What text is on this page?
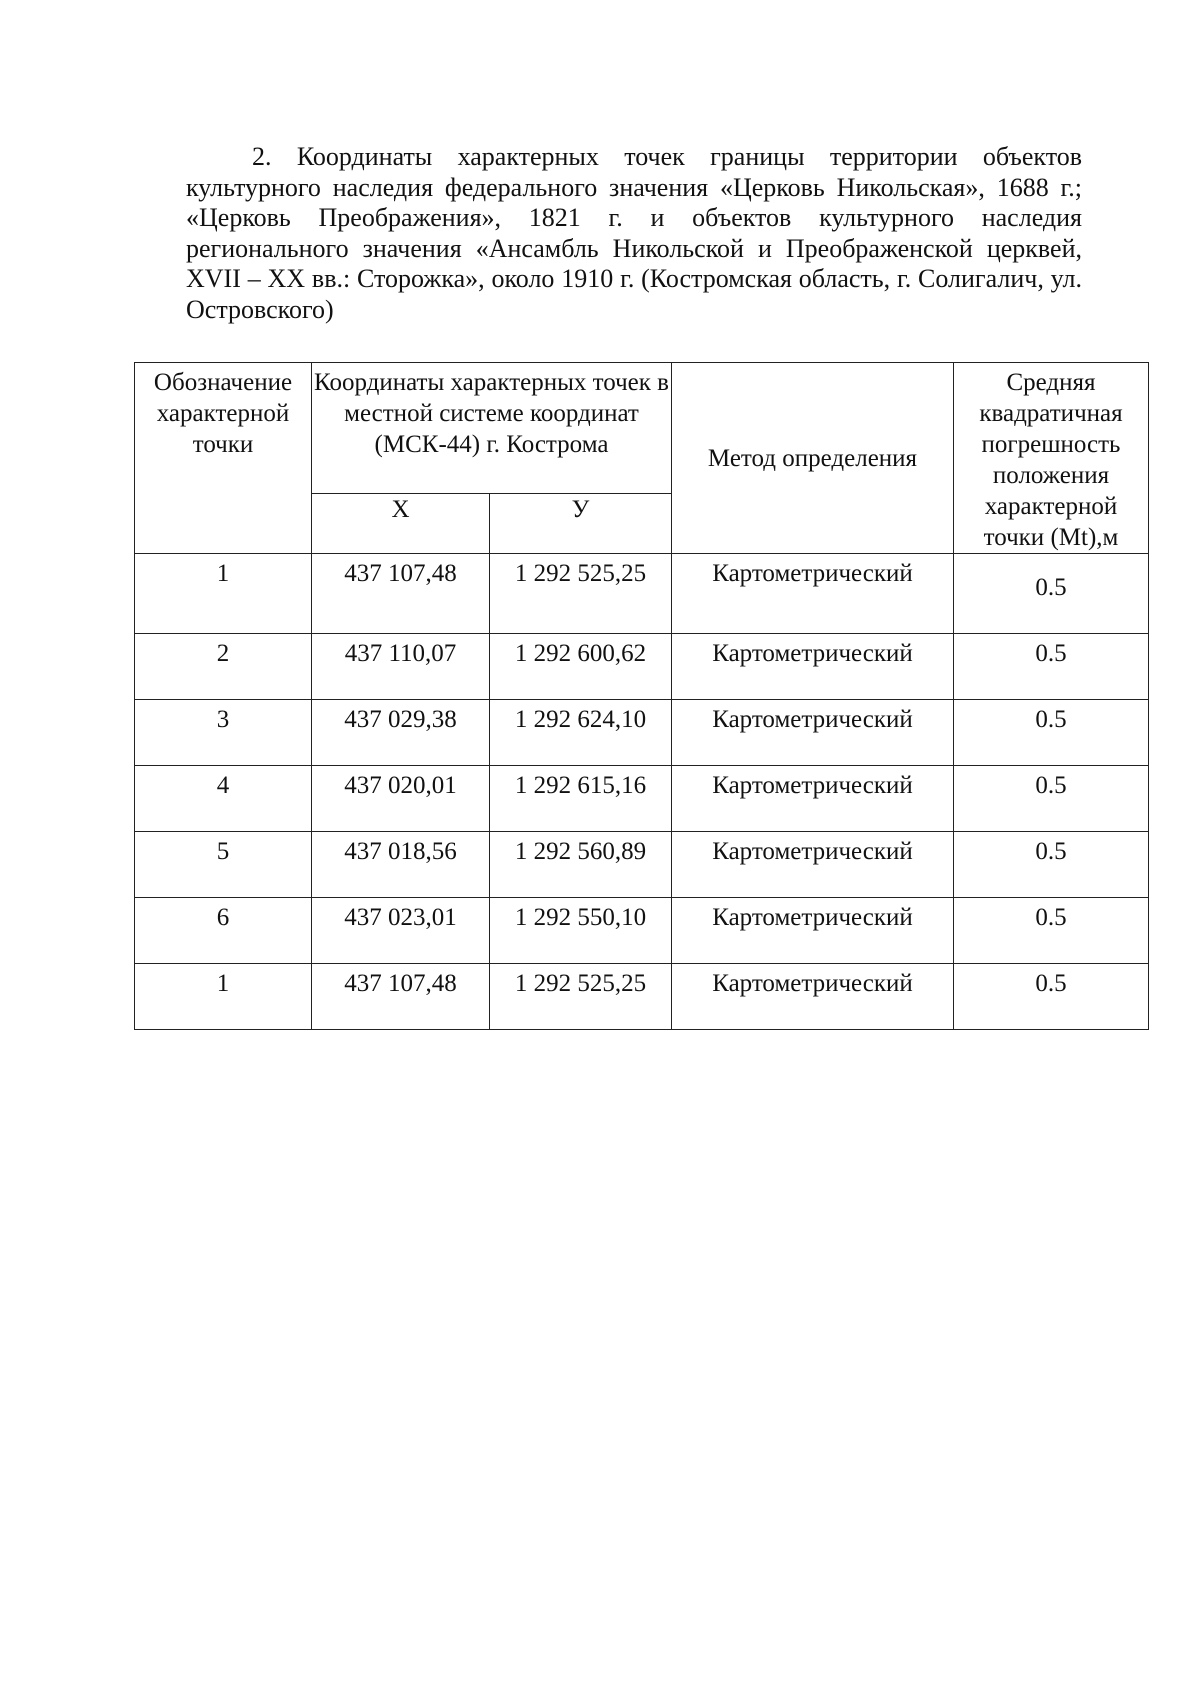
2. Координаты характерных точек границы территории объектов культурного наследия федерального значения «Церковь Никольская», 1688 г.; «Церковь Преображения», 1821 г. и объектов культурного наследия регионального значения «Ансамбль Никольской и Преображенской церквей, XVII – XX вв.: Сторожка», около 1910 г. (Костромская область, г. Солигалич, ул. Островского)
Обозначение характерной точки	Координаты характерных точек в местной системе координат (МСК-44) г. Кострома		Метод определения	Средняя квадратичная погрешность положения характерной точки (Mt),м
	Х	У		
1	437 107,48	1 292 525,25	Картометрический	0.5
2	437 110,07	1 292 600,62	Картометрический	0.5
3	437 029,38	1 292 624,10	Картометрический	0.5
4	437 020,01	1 292 615,16	Картометрический	0.5
5	437 018,56	1 292 560,89	Картометрический	0.5
6	437 023,01	1 292 550,10	Картометрический	0.5
1	437 107,48	1 292 525,25	Картометрический	0.5
